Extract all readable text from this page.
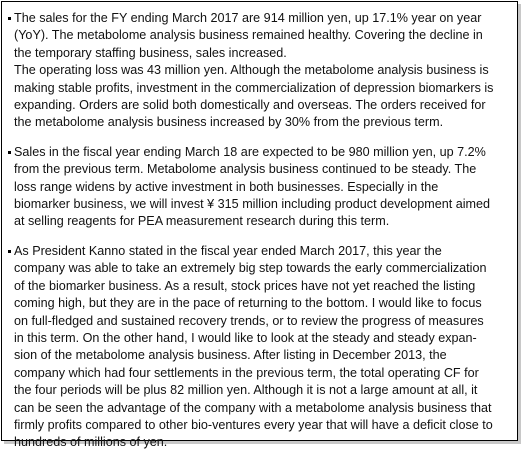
The sales for the FY ending March 2017 are 914 million yen, up 17.1% year on year
(YoY). The metabolome analysis business remained healthy. Covering the decline in
the temporary staffing business, sales increased.
The operating loss was 43 million yen. Although the metabolome analysis business is
making stable profits, investment in the commercialization of depression biomarkers is
expanding. Orders are solid both domestically and overseas. The orders received for
the metabolome analysis business increased by 30% from the previous term.
Sales in the fiscal year ending March 18 are expected to be 980 million yen, up 7.2%
from the previous term. Metabolome analysis business continued to be steady. The
loss range widens by active investment in both businesses. Especially in the
biomarker business, we will invest ¥ 315 million including product development aimed
at selling reagents for PEA measurement research during this term.
As President Kanno stated in the fiscal year ended March 2017, this year the
company was able to take an extremely big step towards the early commercialization
of the biomarker business. As a result, stock prices have not yet reached the listing
coming high, but they are in the pace of returning to the bottom. I would like to focus
on full-fledged and sustained recovery trends, or to review the progress of measures
in this term. On the other hand, I would like to look at the steady and steady expan-
sion of the metabolome analysis business. After listing in December 2013, the
company which had four settlements in the previous term, the total operating CF for
the four periods will be plus 82 million yen. Although it is not a large amount at all, it
can be seen the advantage of the company with a metabolome analysis business that
firmly profits compared to other bio-ventures every year that will have a deficit close to
hundreds of millions of yen.
